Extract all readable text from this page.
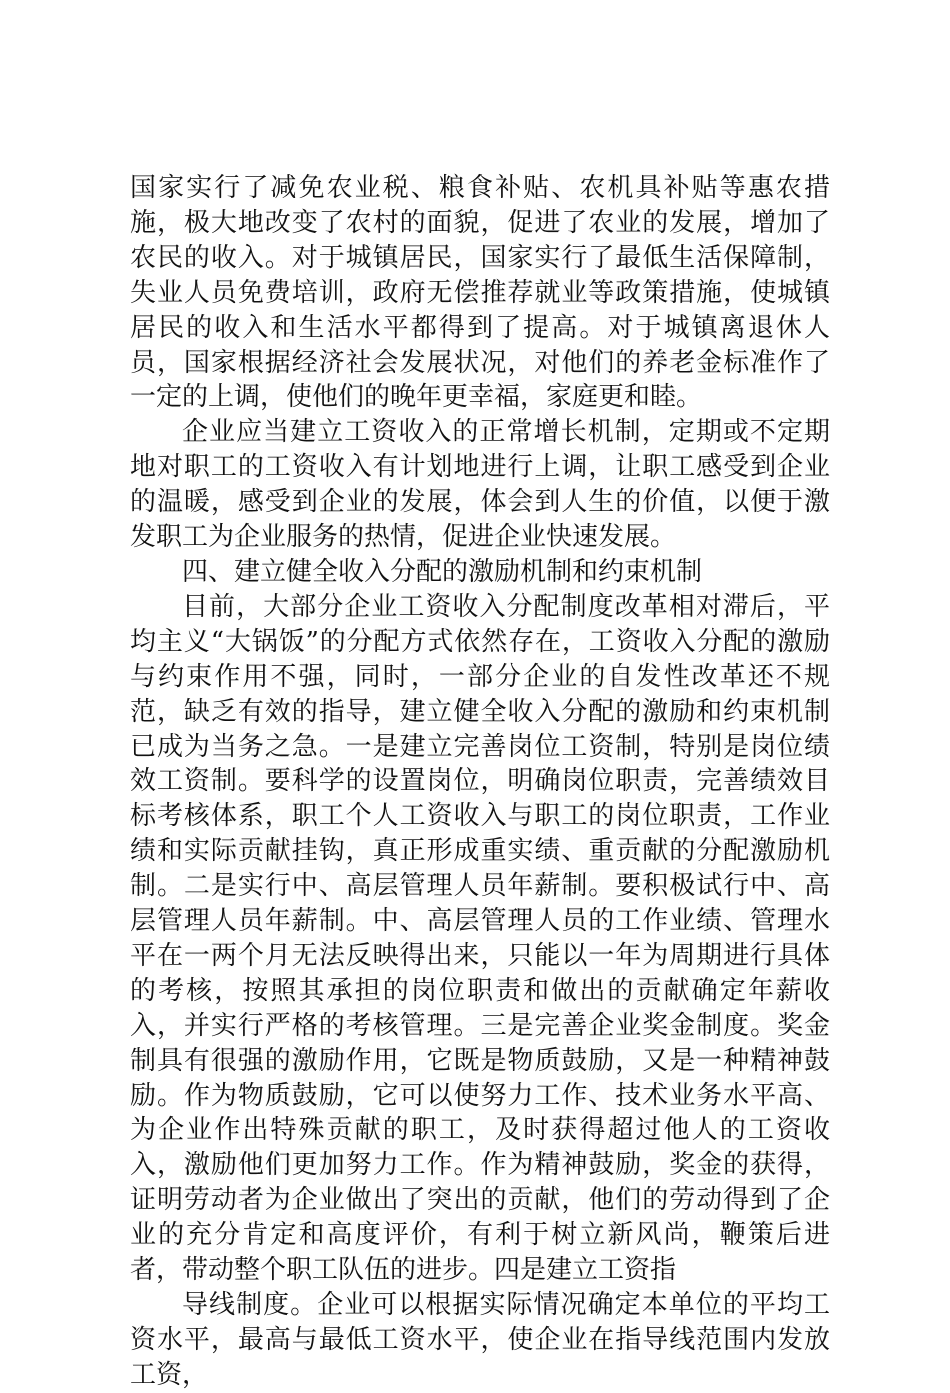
国家实行了减免农业税、粮食补贴、农机具补贴等惠农措施，极大地改变了农村的面貌，促进了农业的发展，增加了农民的收入。对于城镇居民，国家实行了最低生活保障制，失业人员免费培训，政府无偿推荐就业等政策措施，使城镇居民的收入和生活水平都得到了提高。对于城镇离退休人员，国家根据经济社会发展状况，对他们的养老金标准作了一定的上调，使他们的晚年更幸福，家庭更和睦。

企业应当建立工资收入的正常增长机制，定期或不定期地对职工的工资收入有计划地进行上调，让职工感受到企业的温暖，感受到企业的发展，体会到人生的价值，以便于激发职工为企业服务的热情，促进企业快速发展。

四、建立健全收入分配的激励机制和约束机制

目前，大部分企业工资收入分配制度改革相对滞后，平均主义“大锅饭”的分配方式依然存在，工资收入分配的激励与约束作用不强，同时，一部分企业的自发性改革还不规范，缺乏有效的指导，建立健全收入分配的激励和约束机制已成为当务之急。一是建立完善岗位工资制，特别是岗位绩效工资制。要科学的设置岗位，明确岗位职责，完善绩效目标考核体系，职工个人工资收入与职工的岗位职责，工作业绩和实际贡献挂钩，真正形成重实绩、重贡献的分配激励机制。二是实行中、高层管理人员年薪制。要积极试行中、高层管理人员年薪制。中、高层管理人员的工作业绩、管理水平在一两个月无法反映得出来，只能以一年为周期进行具体的考核，按照其承担的岗位职责和做出的贡献确定年薪收入，并实行严格的考核管理。三是完善企业奖金制度。奖金制具有很强的激励作用，它既是物质鼓励，又是一种精神鼓励。作为物质鼓励，它可以使努力工作、技术业务水平高、为企业作出特殊贡献的职工，及时获得超过他人的工资收入，激励他们更加努力工作。作为精神鼓励，奖金的获得，证明劳动者为企业做出了突出的贡献，他们的劳动得到了企业的充分肯定和高度评价，有利于树立新风尚，鞭策后进者，带动整个职工队伍的进步。四是建立工资指

导线制度。企业可以根据实际情况确定本单位的平均工资水平，最高与最低工资水平，使企业在指导线范围内发放工资，
